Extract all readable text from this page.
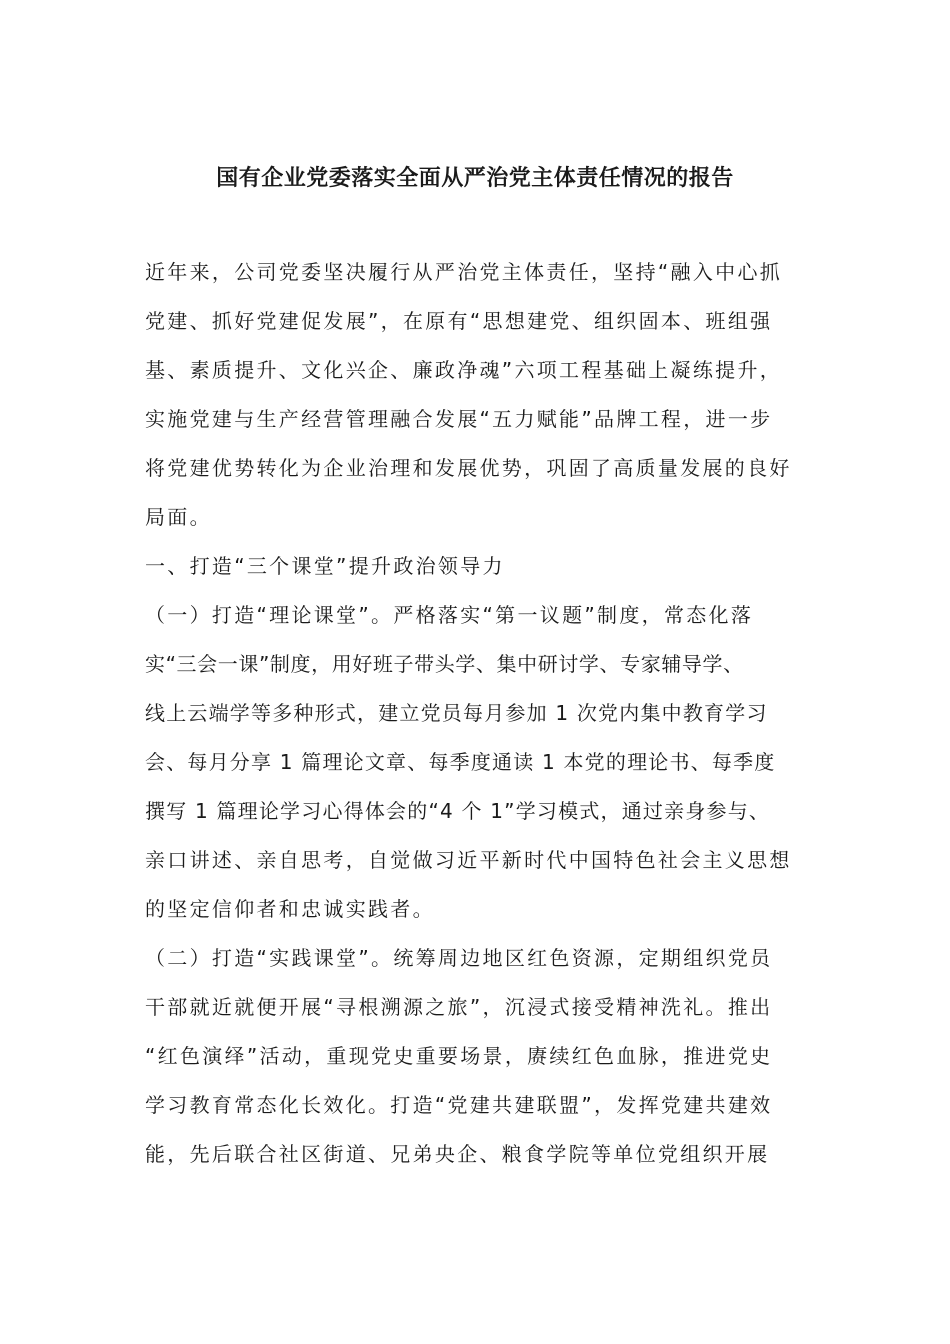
国有企业党委落实全面从严治党主体责任情况的报告
近年来，公司党委坚决履行从严治党主体责任，坚持“融入中心抓
党建、抓好党建促发展”，在原有“思想建党、组织固本、班组强
基、素质提升、文化兴企、廉政净魂”六项工程基础上凝练提升，
实施党建与生产经营管理融合发展“五力赋能”品牌工程，进一步
将党建优势转化为企业治理和发展优势，巩固了高质量发展的良好
局面。
一、打造“三个课堂”提升政治领导力
（一）打造“理论课堂”。严格落实“第一议题”制度，常态化落
实“三会一课”制度，用好班子带头学、集中研讨学、专家辅导学、
线上云端学等多种形式，建立党员每月参加 1 次党内集中教育学习
会、每月分享 1 篇理论文章、每季度通读 1 本党的理论书、每季度
撰写 1 篇理论学习心得体会的“4 个 1”学习模式，通过亲身参与、
亲口讲述、亲自思考，自觉做习近平新时代中国特色社会主义思想
的坚定信仰者和忠诚实践者。
（二）打造“实践课堂”。统筹周边地区红色资源，定期组织党员
干部就近就便开展“寻根溯源之旅”，沉浸式接受精神洗礼。推出
“红色演绎”活动，重现党史重要场景，赓续红色血脉，推进党史
学习教育常态化长效化。打造“党建共建联盟”，发挥党建共建效
能，先后联合社区街道、兄弟央企、粮食学院等单位党组织开展
